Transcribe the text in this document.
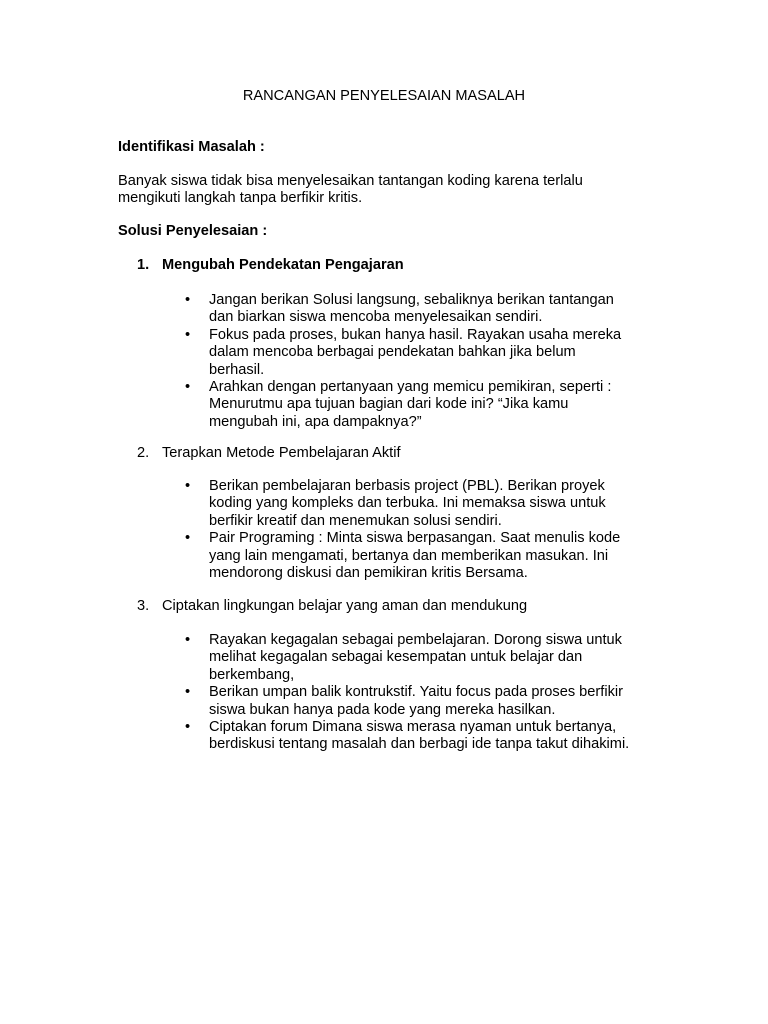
RANCANGAN PENYELESAIAN MASALAH
Identifikasi Masalah :
Banyak siswa tidak bisa menyelesaikan tantangan koding karena terlalu
mengikuti langkah tanpa berfikir kritis.
Solusi Penyelesaian :
1. Mengubah Pendekatan Pengajaran
• Jangan berikan Solusi langsung, sebaliknya berikan tantangan
dan biarkan siswa mencoba menyelesaikan sendiri.
• Fokus pada proses, bukan hanya hasil. Rayakan usaha mereka
dalam mencoba berbagai pendekatan bahkan jika belum
berhasil.
• Arahkan dengan pertanyaan yang memicu pemikiran, seperti :
Menurutmu apa tujuan bagian dari kode ini? “Jika kamu
mengubah ini, apa dampaknya?”
2. Terapkan Metode Pembelajaran Aktif
• Berikan pembelajaran berbasis project (PBL). Berikan proyek
koding yang kompleks dan terbuka. Ini memaksa siswa untuk
berfikir kreatif dan menemukan solusi sendiri.
• Pair Programing : Minta siswa berpasangan. Saat menulis kode
yang lain mengamati, bertanya dan memberikan masukan. Ini
mendorong diskusi dan pemikiran kritis Bersama.
3. Ciptakan lingkungan belajar yang aman dan mendukung
• Rayakan kegagalan sebagai pembelajaran. Dorong siswa untuk
melihat kegagalan sebagai kesempatan untuk belajar dan
berkembang,
• Berikan umpan balik kontrukstif. Yaitu focus pada proses berfikir
siswa bukan hanya pada kode yang mereka hasilkan.
• Ciptakan forum Dimana siswa merasa nyaman untuk bertanya,
berdiskusi tentang masalah dan berbagi ide tanpa takut dihakimi.
